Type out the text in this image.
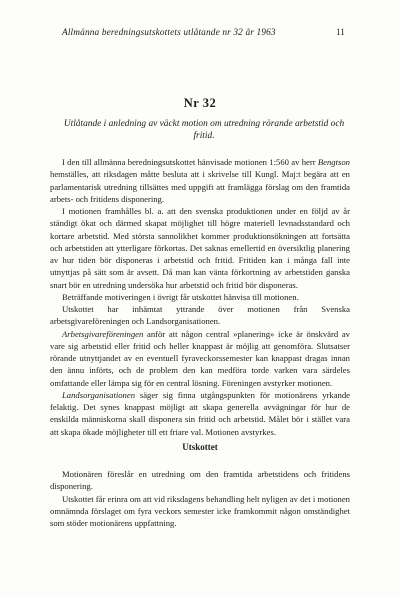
Allmänna beredningsutskottets utlåtande nr 32 år 1963	11
Nr 32
Utlåtande i anledning av väckt motion om utredning rörande arbetstid och fritid.

I den till allmänna beredningsutskottet hänvisade motionen 1:560 av herr Bengtson hemställes, att riksdagen måtte besluta att i skrivelse till Kungl. Maj:t begära att en parlamentarisk utredning tillsättes med uppgift att framlägga förslag om den framtida arbets- och fritidens disponering.

I motionen framhålles bl. a. att den svenska produktionen under en följd av år ständigt ökat och därmed skapat möjlighet till högre materiell levnadsstandard och kortare arbetstid. Med största sannolikhet kommer produktionsökningen att fortsätta och arbetstiden att ytterligare förkortas. Det saknas emellertid en översiktlig planering av hur tiden bör disponeras i arbetstid och fritid. Fritiden kan i många fall inte utnyttjas på sätt som är avsett. Då man kan vänta förkortning av arbetstiden ganska snart bör en utredning undersöka hur arbetstid och fritid bör disponeras.

Beträffande motiveringen i övrigt får utskottet hänvisa till motionen.

Utskottet har inhämtat yttrande över motionen från Svenska arbetsgivareföreningen och Landsorganisationen.

Arbetsgivareföreningen anför att någon central »planering» icke är önskvärd av vare sig arbetstid eller fritid och heller knappast är möjlig att genomföra. Slutsatser rörande utnyttjandet av en eventuell fyraveckorssemester kan knappast dragas innan den ännu införts, och de problem den kan medföra torde varken vara särdeles omfattande eller lämpa sig för en central lösning. Föreningen avstyrker motionen.

Landsorganisationen säger sig finna utgångspunkten för motionärens yrkande felaktig. Det synes knappast möjligt att skapa generella avvägningar för hur de enskilda människorna skall disponera sin fritid och arbetstid. Målet bör i stället vara att skapa ökade möjligheter till ett friare val. Motionen avstyrkes.

Utskottet

Motionären föreslår en utredning om den framtida arbetstidens och fritidens disponering.

Utskottet får erinra om att vid riksdagens behandling helt nyligen av det i motionen omnämnda förslaget om fyra veckors semester icke framkommit någon omständighet som stöder motionärens uppfattning.
